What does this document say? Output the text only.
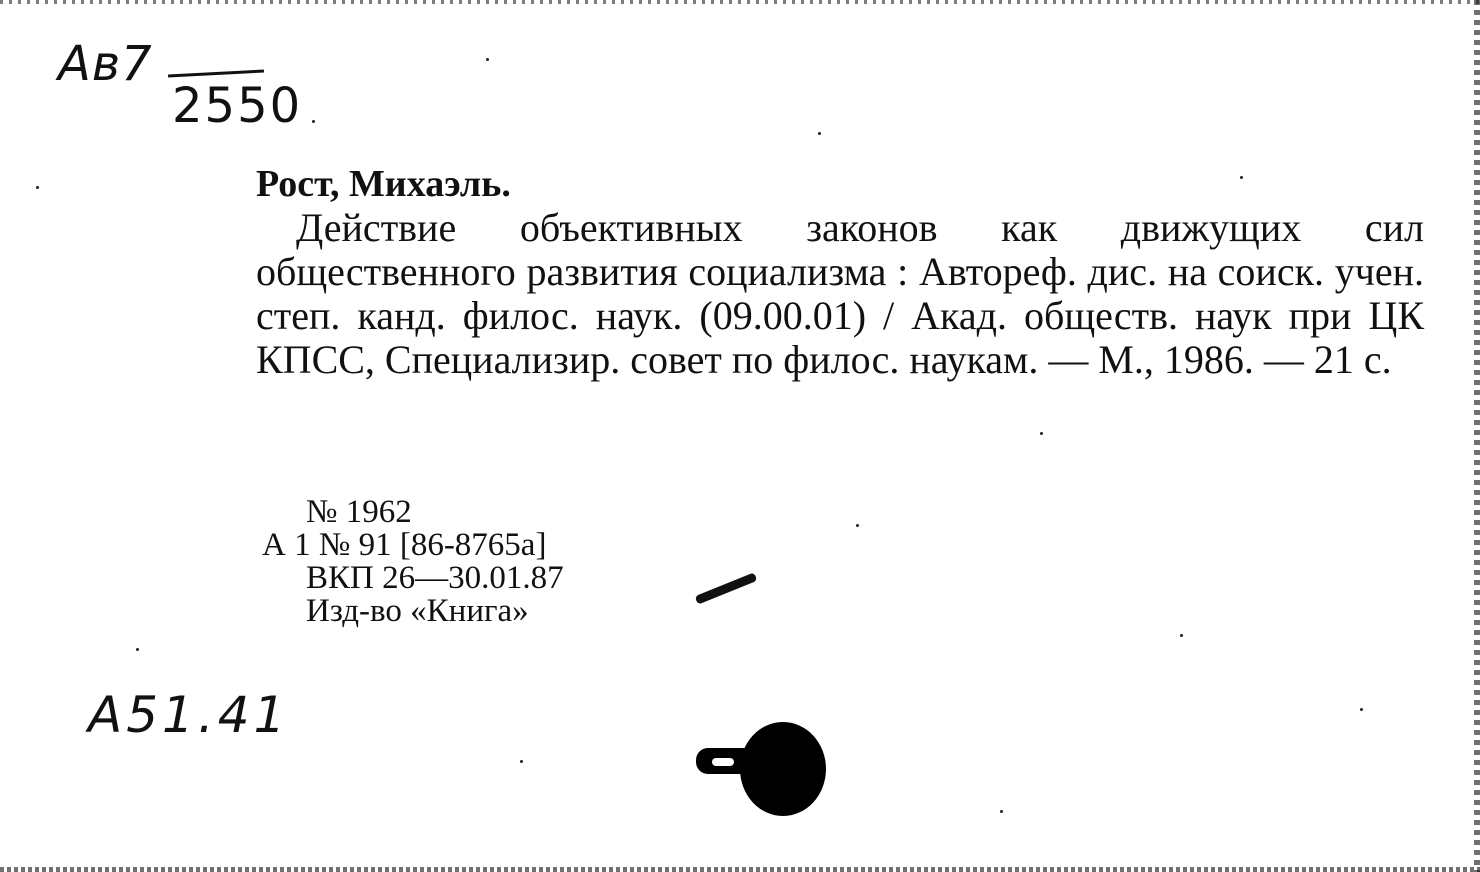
Ав7
2550

Рост, Михаэль.

Действие объективных законов как движущих сил общественного развития социализма : Автореф. дис. на соиск. учен. степ. канд. филос. наук. (09.00.01) / Акад. обществ. наук при ЦК КПСС, Специализир. совет по филос. наукам. — М., 1986. — 21 с.

№ 1962
А 1 № 91 [86-8765а]
ВКП 26—30.01.87
Изд-во «Книга»
А51.41
